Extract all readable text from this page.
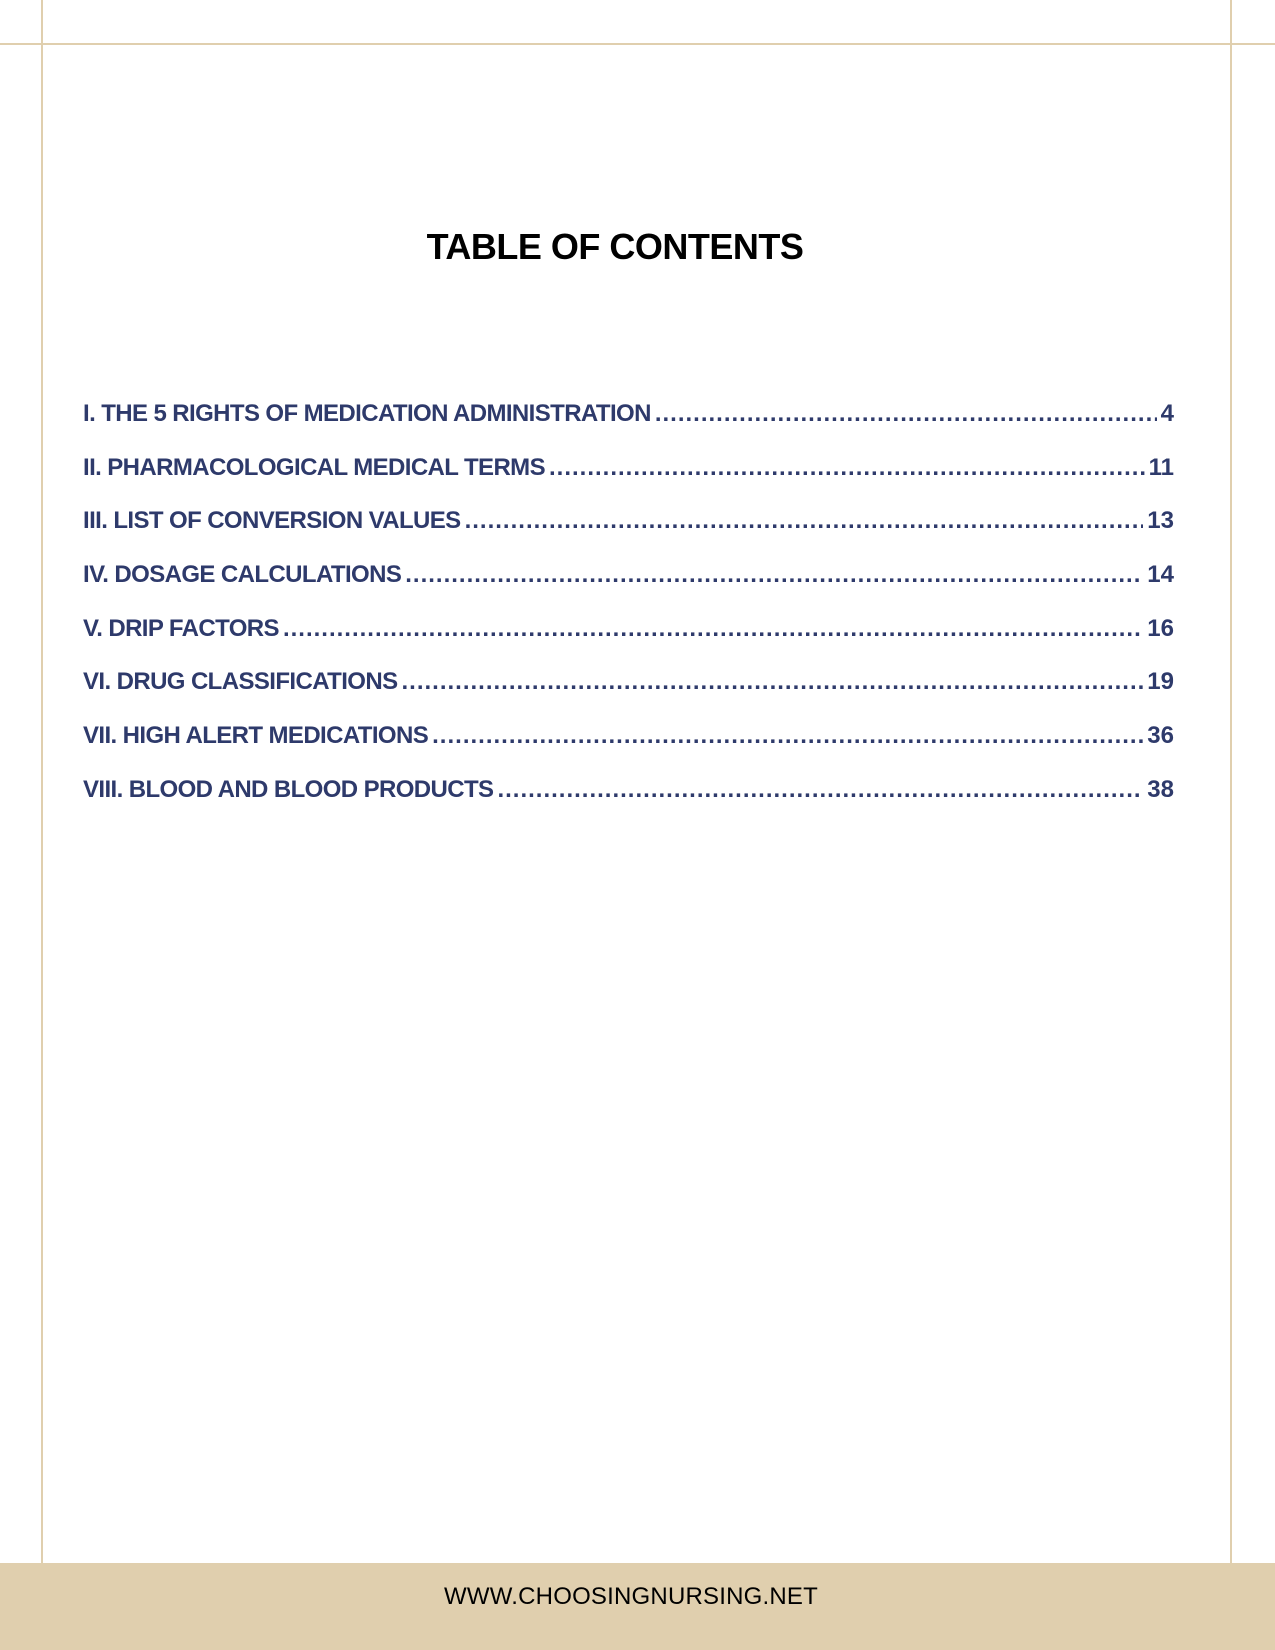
TABLE OF CONTENTS
I. THE 5 RIGHTS OF MEDICATION ADMINISTRATION .....	4
II. PHARMACOLOGICAL MEDICAL TERMS .....	11
III. LIST OF CONVERSION VALUES .....	13
IV. DOSAGE CALCULATIONS .....	14
V. DRIP FACTORS .....	16
VI. DRUG CLASSIFICATIONS .....	19
VII. HIGH ALERT MEDICATIONS .....	36
VIII. BLOOD AND BLOOD PRODUCTS .....	38
WWW.CHOOSINGNURSING.NET
